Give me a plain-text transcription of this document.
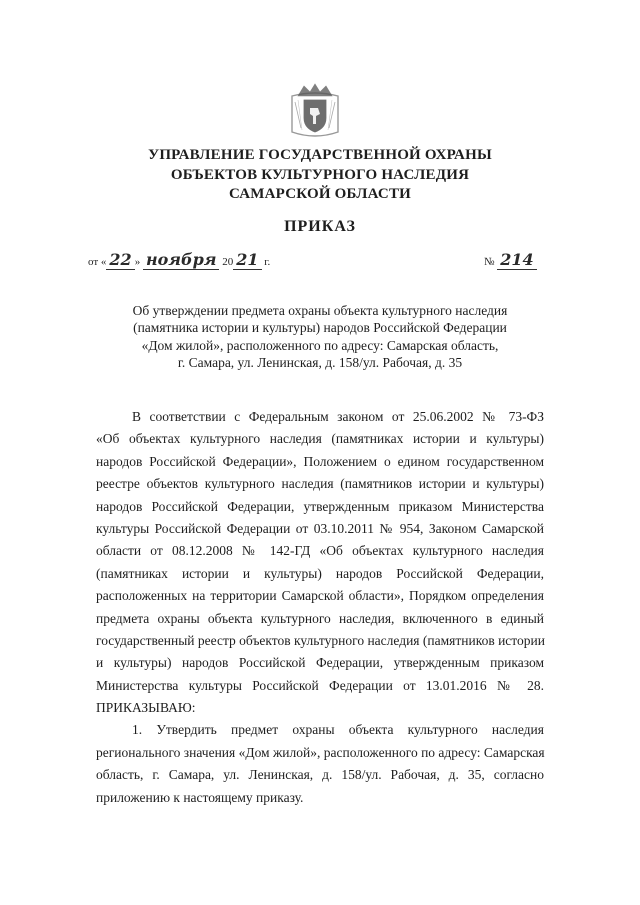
УПРАВЛЕНИЕ ГОСУДАРСТВЕННОЙ ОХРАНЫ
ОБЪЕКТОВ КУЛЬТУРНОГО НАСЛЕДИЯ
САМАРСКОЙ ОБЛАСТИ
ПРИКАЗ
от « 22 » ноября 20 21 г.	№ 214
Об утверждении предмета охраны объекта культурного наследия
(памятника истории и культуры) народов Российской Федерации
«Дом жилой», расположенного по адресу: Самарская область,
г. Самара, ул. Ленинская, д. 158/ул. Рабочая, д. 35
В соответствии с Федеральным законом от 25.06.2002 № 73-ФЗ
«Об объектах культурного наследия (памятниках истории и культуры)
народов Российской Федерации», Положением о едином государственном
реестре объектов культурного наследия (памятников истории и культуры)
народов Российской Федерации, утвержденным приказом Министерства
культуры Российской Федерации от 03.10.2011 № 954, Законом Самарской
области от 08.12.2008 № 142-ГД «Об объектах культурного наследия
(памятниках истории и культуры) народов Российской Федерации,
расположенных на территории Самарской области», Порядком определения
предмета охраны объекта культурного наследия, включенного в единый
государственный реестр объектов культурного наследия (памятников истории
и культуры) народов Российской Федерации, утвержденным приказом
Министерства культуры Российской Федерации от 13.01.2016 № 28.
ПРИКАЗЫВАЮ:
1. Утвердить предмет охраны объекта культурного наследия
регионального значения «Дом жилой», расположенного по адресу: Самарская
область, г. Самара, ул. Ленинская, д. 158/ул. Рабочая, д. 35, согласно
приложению к настоящему приказу.
